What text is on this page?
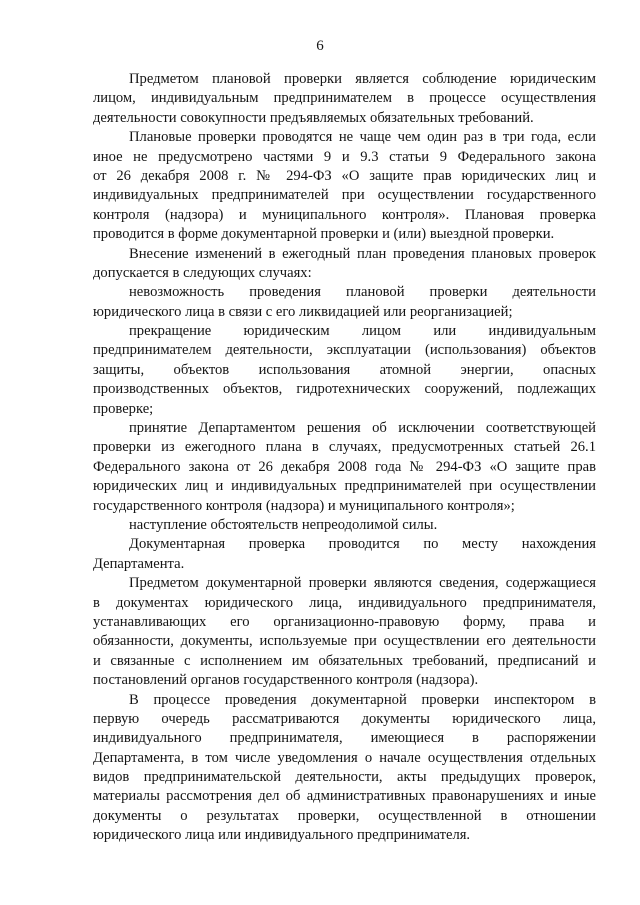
6
Предметом плановой проверки является соблюдение юридическим
лицом, индивидуальным предпринимателем в процессе осуществления
деятельности совокупности предъявляемых обязательных требований.
Плановые проверки проводятся не чаще чем один раз в три года, если
иное не предусмотрено частями 9 и 9.3 статьи 9 Федерального закона
от 26 декабря 2008 г. № 294-ФЗ «О защите прав юридических лиц и
индивидуальных предпринимателей при осуществлении государственного
контроля (надзора) и муниципального контроля». Плановая проверка
проводится в форме документарной проверки и (или) выездной проверки.
Внесение изменений в ежегодный план проведения плановых проверок
допускается в следующих случаях:
невозможность проведения плановой проверки деятельности
юридического лица в связи с его ликвидацией или реорганизацией;
прекращение юридическим лицом или индивидуальным
предпринимателем деятельности, эксплуатации (использования) объектов
защиты, объектов использования атомной энергии, опасных
производственных объектов, гидротехнических сооружений, подлежащих
проверке;
принятие Департаментом решения об исключении соответствующей
проверки из ежегодного плана в случаях, предусмотренных статьей 26.1
Федерального закона от 26 декабря 2008 года № 294-ФЗ «О защите прав
юридических лиц и индивидуальных предпринимателей при осуществлении
государственного контроля (надзора) и муниципального контроля»;
наступление обстоятельств непреодолимой силы.
Документарная проверка проводится по месту нахождения
Департамента.
Предметом документарной проверки являются сведения, содержащиеся
в документах юридического лица, индивидуального предпринимателя,
устанавливающих его организационно-правовую форму, права и
обязанности, документы, используемые при осуществлении его деятельности
и связанные с исполнением им обязательных требований, предписаний и
постановлений органов государственного контроля (надзора).
В процессе проведения документарной проверки инспектором в
первую очередь рассматриваются документы юридического лица,
индивидуального предпринимателя, имеющиеся в распоряжении
Департамента, в том числе уведомления о начале осуществления отдельных
видов предпринимательской деятельности, акты предыдущих проверок,
материалы рассмотрения дел об административных правонарушениях и иные
документы о результатах проверки, осуществленной в отношении
юридического лица или индивидуального предпринимателя.
